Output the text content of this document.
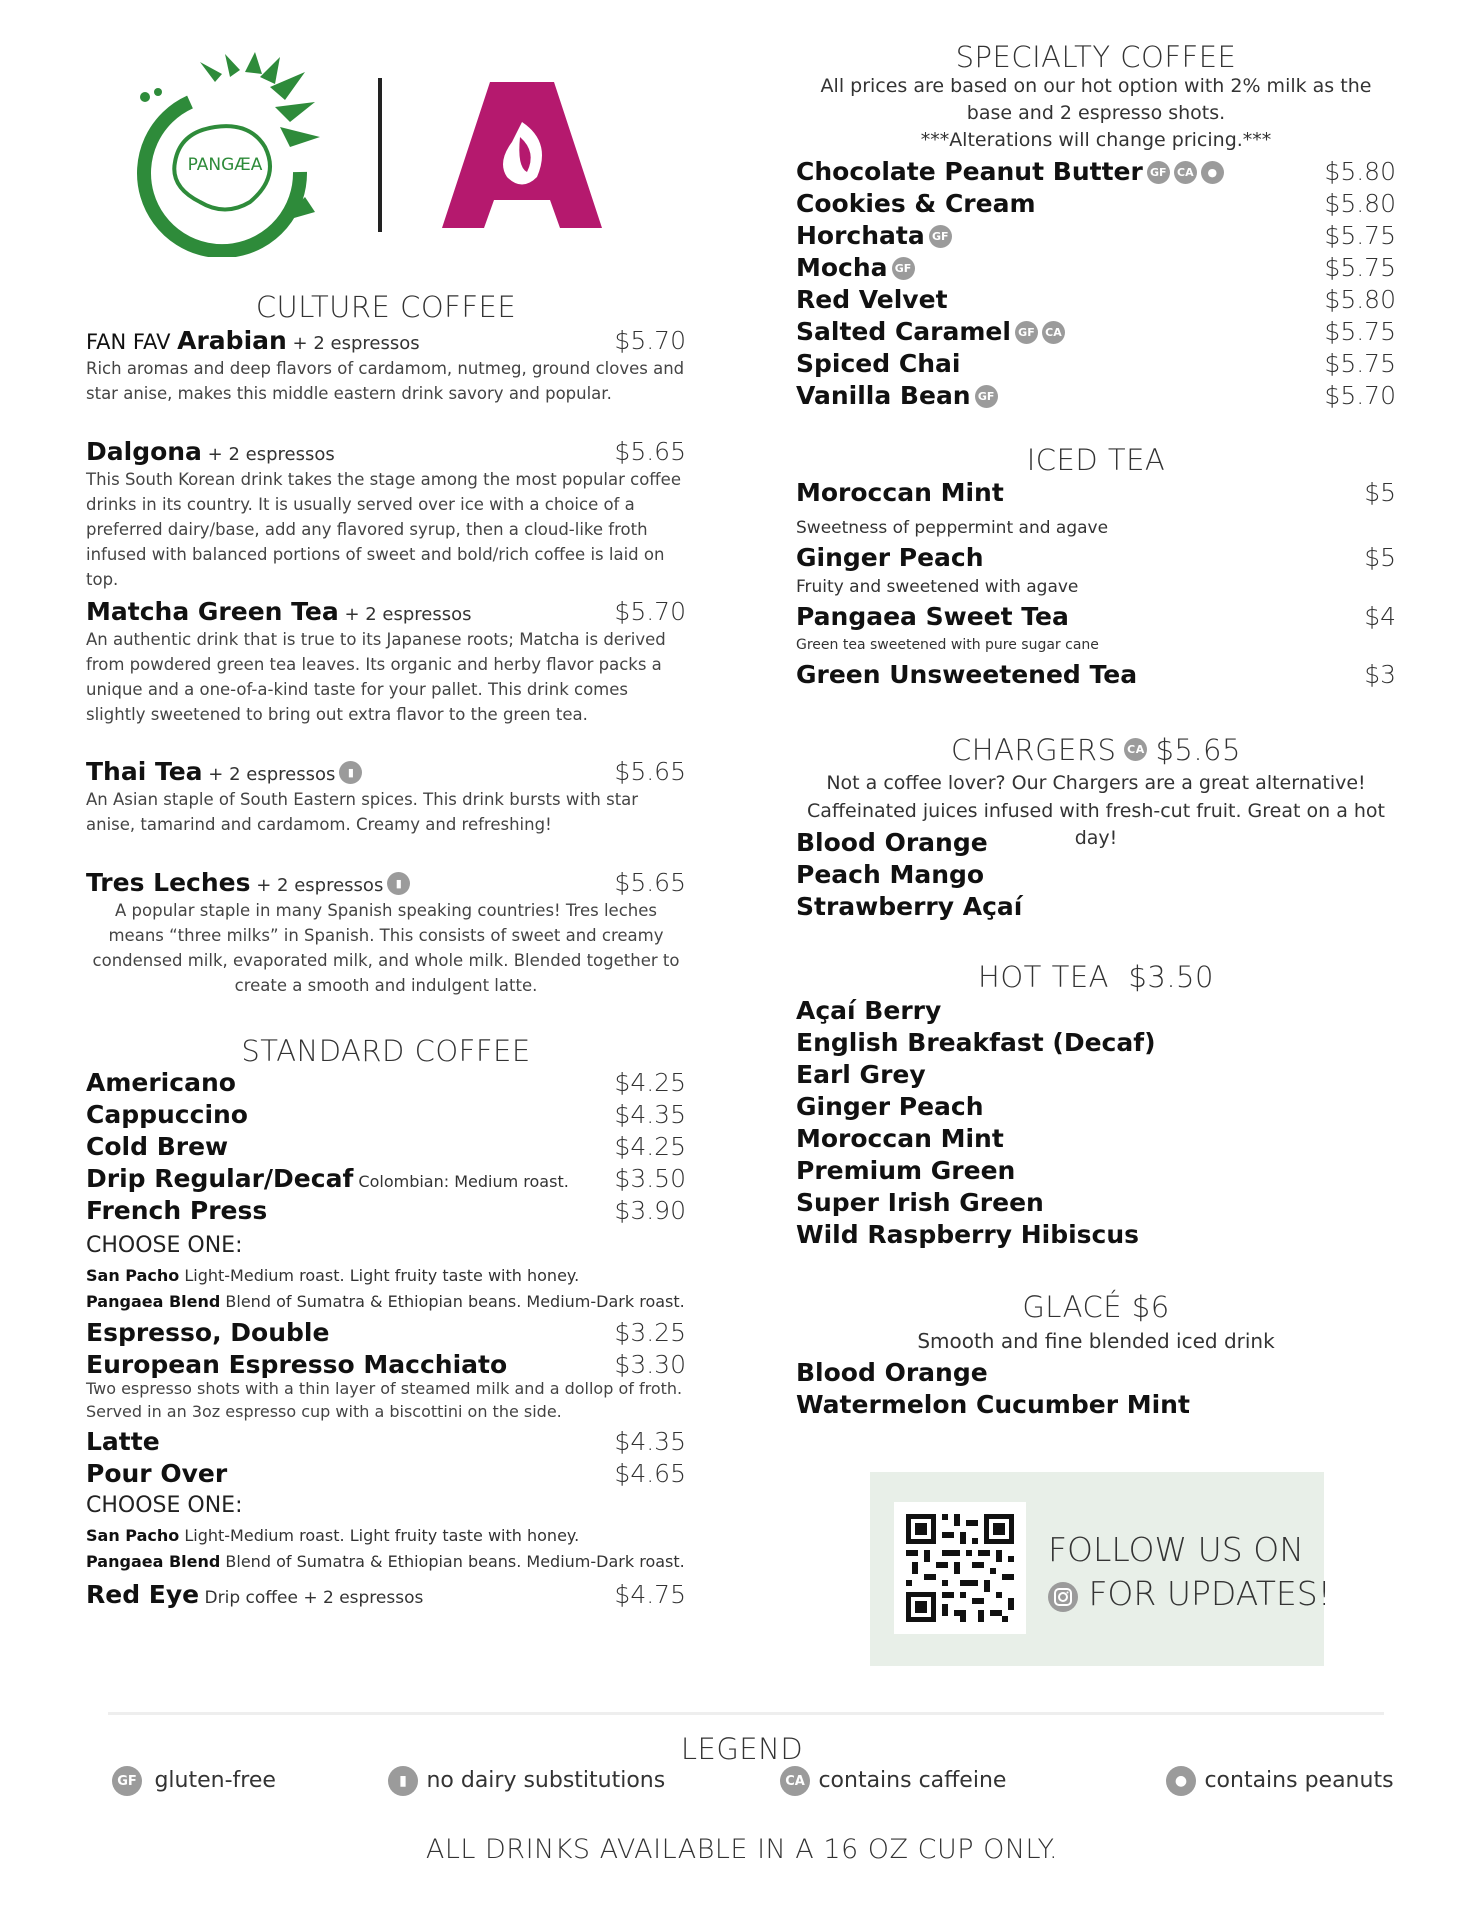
PANGÆA
CULTURE COFFEE
FAN FAV Arabian + 2 espressos	$5.70
Rich aromas and deep flavors of cardamom, nutmeg, ground cloves and star anise, makes this middle eastern drink savory and popular.
Dalgona + 2 espressos	$5.65
This South Korean drink takes the stage among the most popular coffee drinks in its country. It is usually served over ice with a choice of a preferred dairy/base, add any flavored syrup, then a cloud-like froth infused with balanced portions of sweet and bold/rich coffee is laid on top.
Matcha Green Tea + 2 espressos	$5.70
An authentic drink that is true to its Japanese roots; Matcha is derived from powdered green tea leaves. Its organic and herby flavor packs a unique and a one-of-a-kind taste for your pallet. This drink comes slightly sweetened to bring out extra flavor to the green tea.
Thai Tea + 2 espressos ▮	$5.65
An Asian staple of South Eastern spices. This drink bursts with star anise, tamarind and cardamom. Creamy and refreshing!
Tres Leches + 2 espressos ▮	$5.65
A popular staple in many Spanish speaking countries! Tres leches means “three milks” in Spanish. This consists of sweet and creamy condensed milk, evaporated milk, and whole milk. Blended together to create a smooth and indulgent latte.
STANDARD COFFEE
Americano	$4.25
Cappuccino	$4.35
Cold Brew	$4.25
Drip Regular/Decaf Colombian: Medium roast. $3.50
French Press	$3.90
CHOOSE ONE:
San Pacho Light-Medium roast. Light fruity taste with honey.
Pangaea Blend Blend of Sumatra & Ethiopian beans. Medium-Dark roast.
Espresso, Double	$3.25
European Espresso Macchiato	$3.30
Two espresso shots with a thin layer of steamed milk and a dollop of froth. Served in an 3oz espresso cup with a biscottini on the side.
Latte	$4.35
Pour Over	$4.65
CHOOSE ONE:
San Pacho Light-Medium roast. Light fruity taste with honey.
Pangaea Blend Blend of Sumatra & Ethiopian beans. Medium-Dark roast.
Red Eye Drip coffee + 2 espressos	$4.75
SPECIALTY COFFEE
All prices are based on our hot option with 2% milk as the base and 2 espresso shots.
***Alterations will change pricing.***
Chocolate Peanut Butter GF CA ●	$5.80
Cookies & Cream	$5.80
Horchata GF	$5.75
Mocha GF	$5.75
Red Velvet	$5.80
Salted Caramel GF CA	$5.75
Spiced Chai	$5.75
Vanilla Bean GF	$5.70
ICED TEA
Moroccan Mint	$5
Sweetness of peppermint and agave
Ginger Peach	$5
Fruity and sweetened with agave
Pangaea Sweet Tea	$4
Green tea sweetened with pure sugar cane
Green Unsweetened Tea	$3
CHARGERS CA $5.65
Not a coffee lover? Our Chargers are a great alternative!
Caffeinated juices infused with fresh-cut fruit. Great on a hot day!
Blood Orange
Peach Mango
Strawberry Açaí
HOT TEA  $3.50
Açaí Berry
English Breakfast (Decaf)
Earl Grey
Ginger Peach
Moroccan Mint
Premium Green
Super Irish Green
Wild Raspberry Hibiscus
GLACÉ $6
Smooth and fine blended iced drink
Blood Orange
Watermelon Cucumber Mint
FOLLOW US ON
FOR UPDATES!
LEGEND
GF gluten-free	▮ no dairy substitutions	CA contains caffeine	● contains peanuts
ALL DRINKS AVAILABLE IN A 16 OZ CUP ONLY.
